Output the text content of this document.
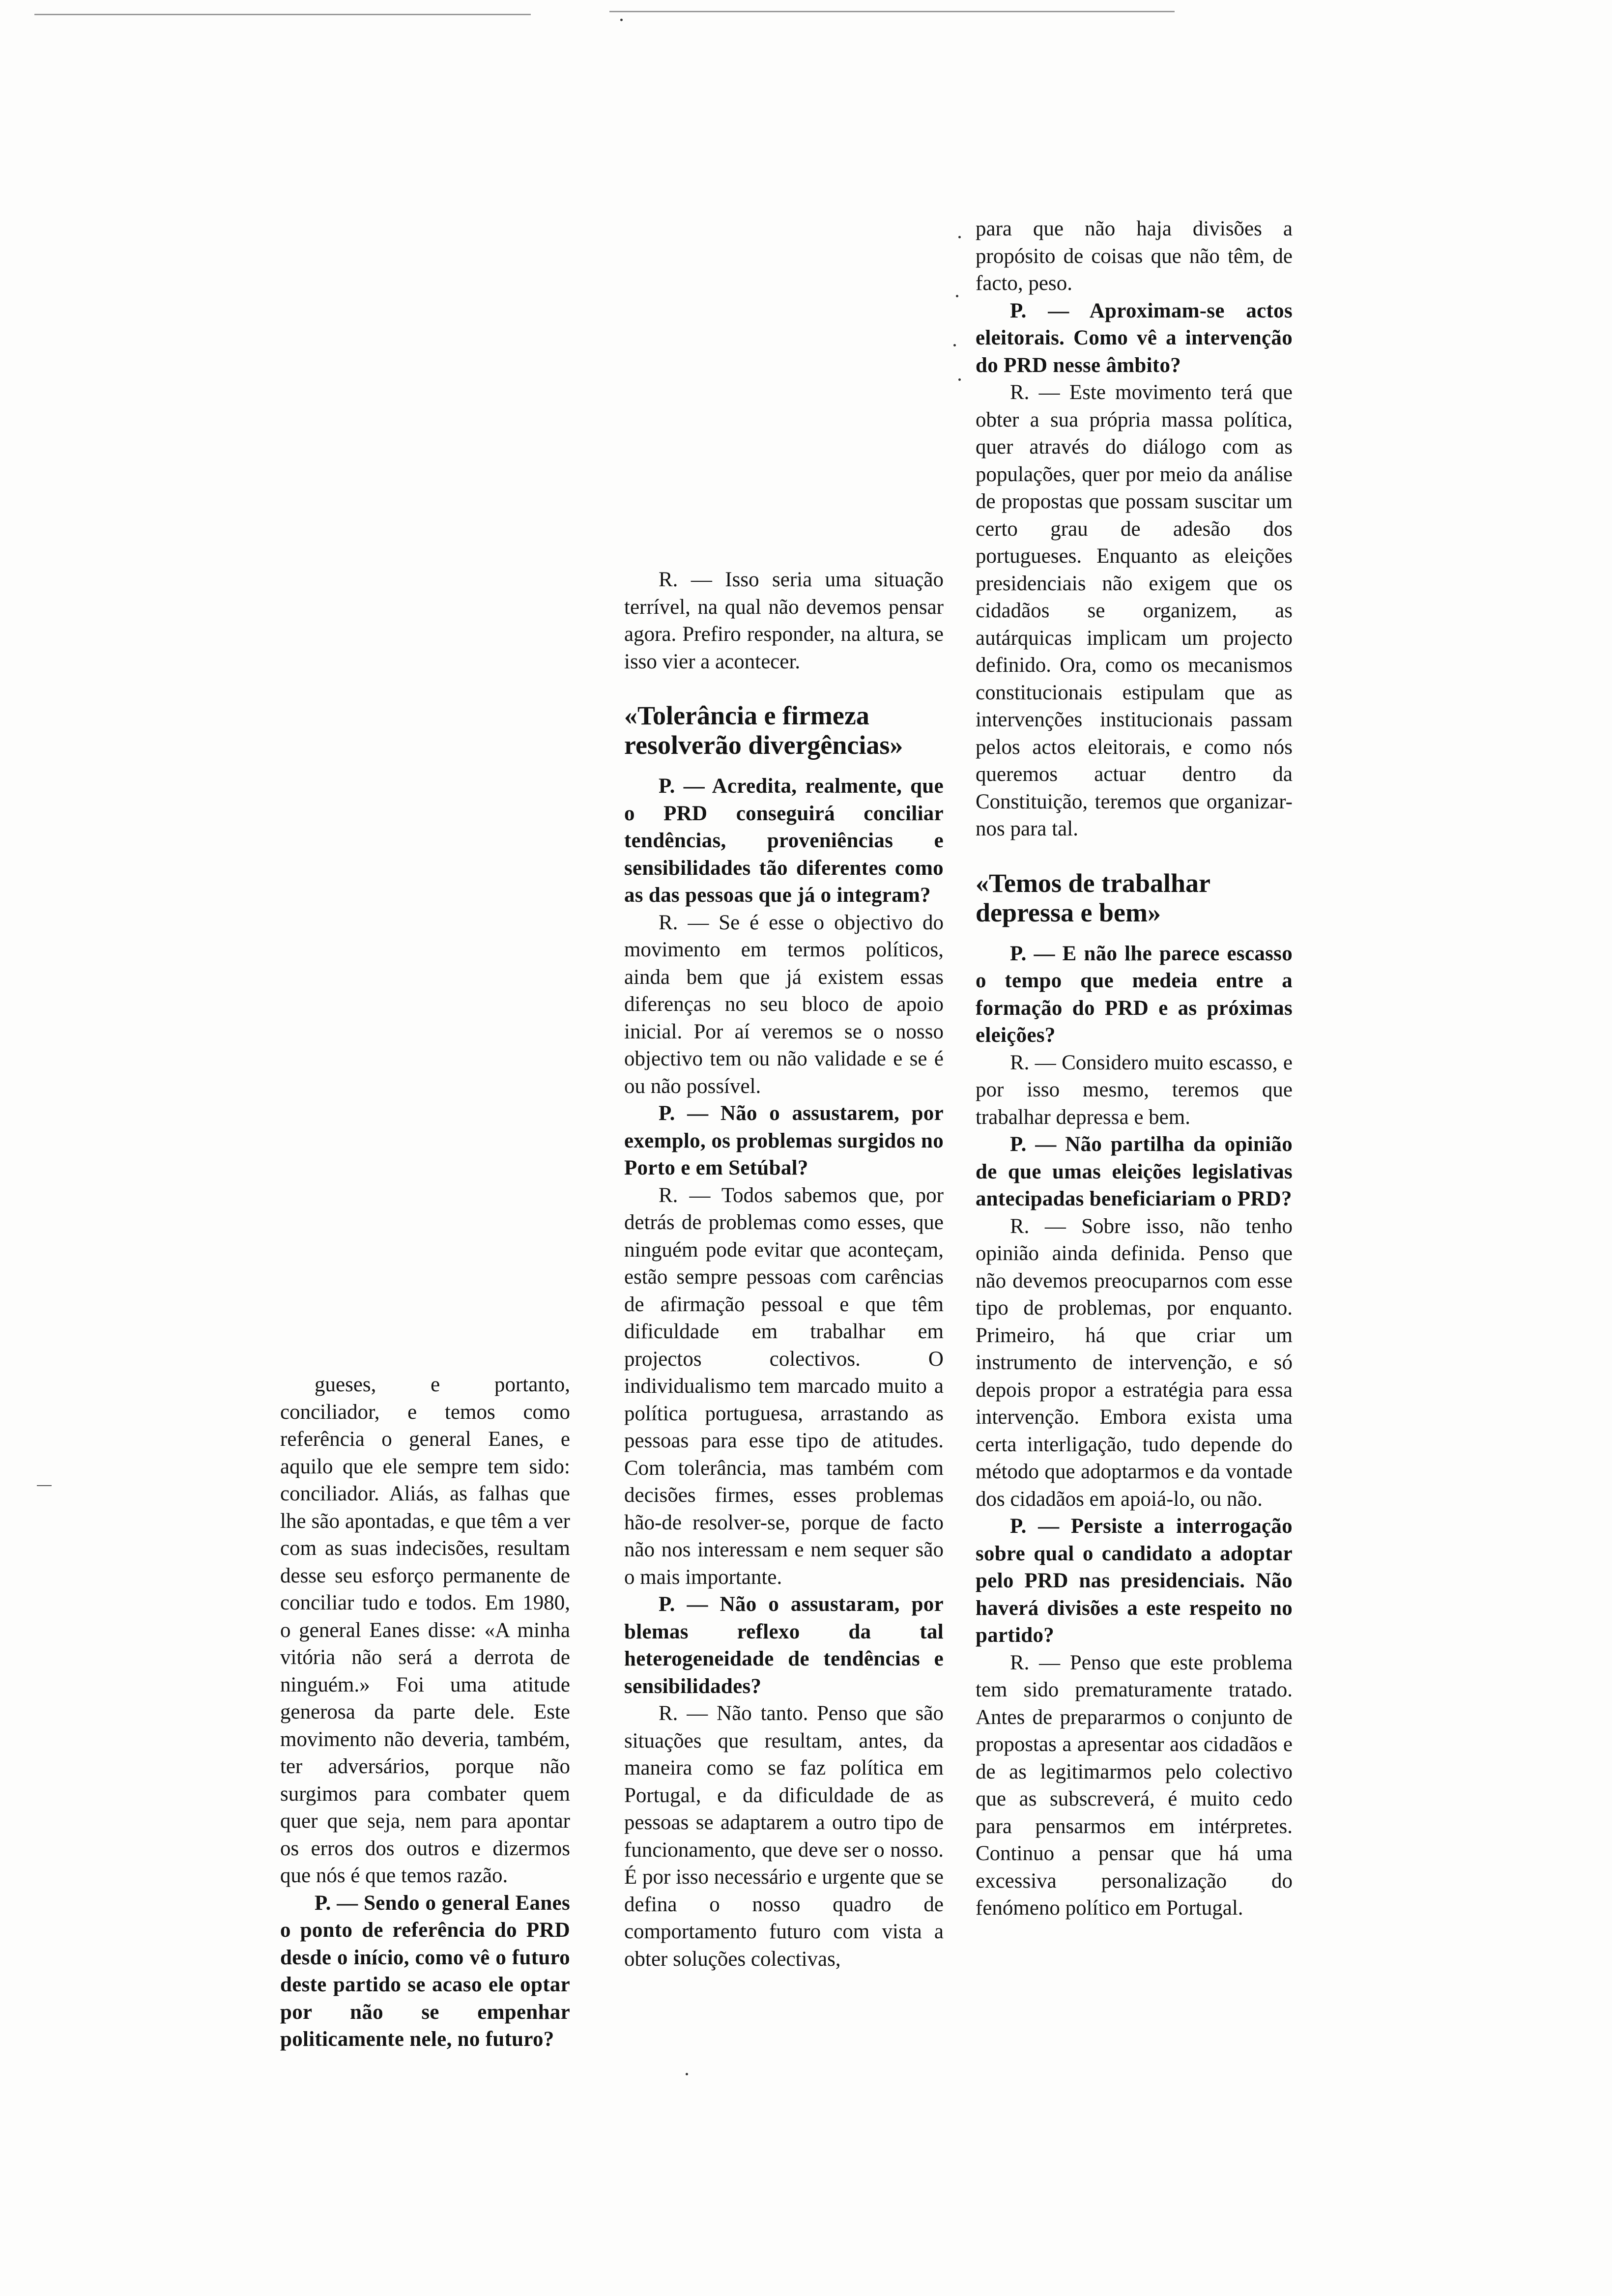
gueses, e portanto, conciliador, e temos como referência o general Eanes, e aquilo que ele sempre tem sido: conciliador. Aliás, as falhas que lhe são apontadas, e que têm a ver com as suas indecisões, resultam desse seu esforço permanente de conciliar tudo e todos. Em 1980, o general Eanes disse: «A minha vitória não será a derrota de ninguém.» Foi uma atitude generosa da parte dele. Este movimento não deveria, também, ter adversários, porque não surgimos para combater quem quer que seja, nem para apontar os erros dos outros e dizermos que nós é que temos razão.

P. — Sendo o general Eanes o ponto de referência do PRD desde o início, como vê o futuro deste partido se acaso ele optar por não se empenhar politicamente nele, no futuro?

R. — Isso seria uma situação terrível, na qual não devemos pensar agora. Prefiro responder, na altura, se isso vier a acontecer.

«Tolerância e firmeza resolverão divergências»

P. — Acredita, realmente, que o PRD conseguirá conciliar tendências, proveniências e sensibilidades tão diferentes como as das pessoas que já o integram?

R. — Se é esse o objectivo do movimento em termos políticos, ainda bem que já existem essas diferenças no seu bloco de apoio inicial. Por aí veremos se o nosso objectivo tem ou não validade e se é ou não possível.

P. — Não o assustarem, por exemplo, os problemas surgidos no Porto e em Setúbal?

R. — Todos sabemos que, por detrás de problemas como esses, que ninguém pode evitar que aconteçam, estão sempre pessoas com carências de afirmação pessoal e que têm dificuldade em trabalhar em projectos colectivos. O individualismo tem marcado muito a política portuguesa, arrastando as pessoas para esse tipo de atitudes. Com tolerância, mas também com decisões firmes, esses problemas hão-de resolver-se, porque de facto não nos interessam e nem sequer são o mais importante.

P. — Não o assustaram, por blemas reflexo da tal heterogeneidade de tendências e sensibilidades?

R. — Não tanto. Penso que são situações que resultam, antes, da maneira como se faz política em Portugal, e da dificuldade de as pessoas se adaptarem a outro tipo de funcionamento, que deve ser o nosso. É por isso necessário e urgente que se defina o nosso quadro de comportamento futuro com vista a obter soluções colectivas,

para que não haja divisões a propósito de coisas que não têm, de facto, peso.

P. — Aproximam-se actos eleitorais. Como vê a intervenção do PRD nesse âmbito?

R. — Este movimento terá que obter a sua própria massa política, quer através do diálogo com as populações, quer por meio da análise de propostas que possam suscitar um certo grau de adesão dos portugueses. Enquanto as eleições presidenciais não exigem que os cidadãos se organizem, as autárquicas implicam um projecto definido. Ora, como os mecanismos constitucionais estipulam que as intervenções institucionais passam pelos actos eleitorais, e como nós queremos actuar dentro da Constituição, teremos que organizar-nos para tal.

«Temos de trabalhar depressa e bem»

P. — E não lhe parece escasso o tempo que medeia entre a formação do PRD e as próximas eleições?

R. — Considero muito escasso, e por isso mesmo, teremos que trabalhar depressa e bem.

P. — Não partilha da opinião de que umas eleições legislativas antecipadas beneficiariam o PRD?

R. — Sobre isso, não tenho opinião ainda definida. Penso que não devemos preocuparnos com esse tipo de problemas, por enquanto. Primeiro, há que criar um instrumento de intervenção, e só depois propor a estratégia para essa intervenção. Embora exista uma certa interligação, tudo depende do método que adoptarmos e da vontade dos cidadãos em apoiá-lo, ou não.

P. — Persiste a interrogação sobre qual o candidato a adoptar pelo PRD nas presidenciais. Não haverá divisões a este respeito no partido?

R. — Penso que este problema tem sido prematuramente tratado. Antes de prepararmos o conjunto de propostas a apresentar aos cidadãos e de as legitimarmos pelo colectivo que as subscreverá, é muito cedo para pensarmos em intérpretes. Continuo a pensar que há uma excessiva personalização do fenómeno político em Portugal.
